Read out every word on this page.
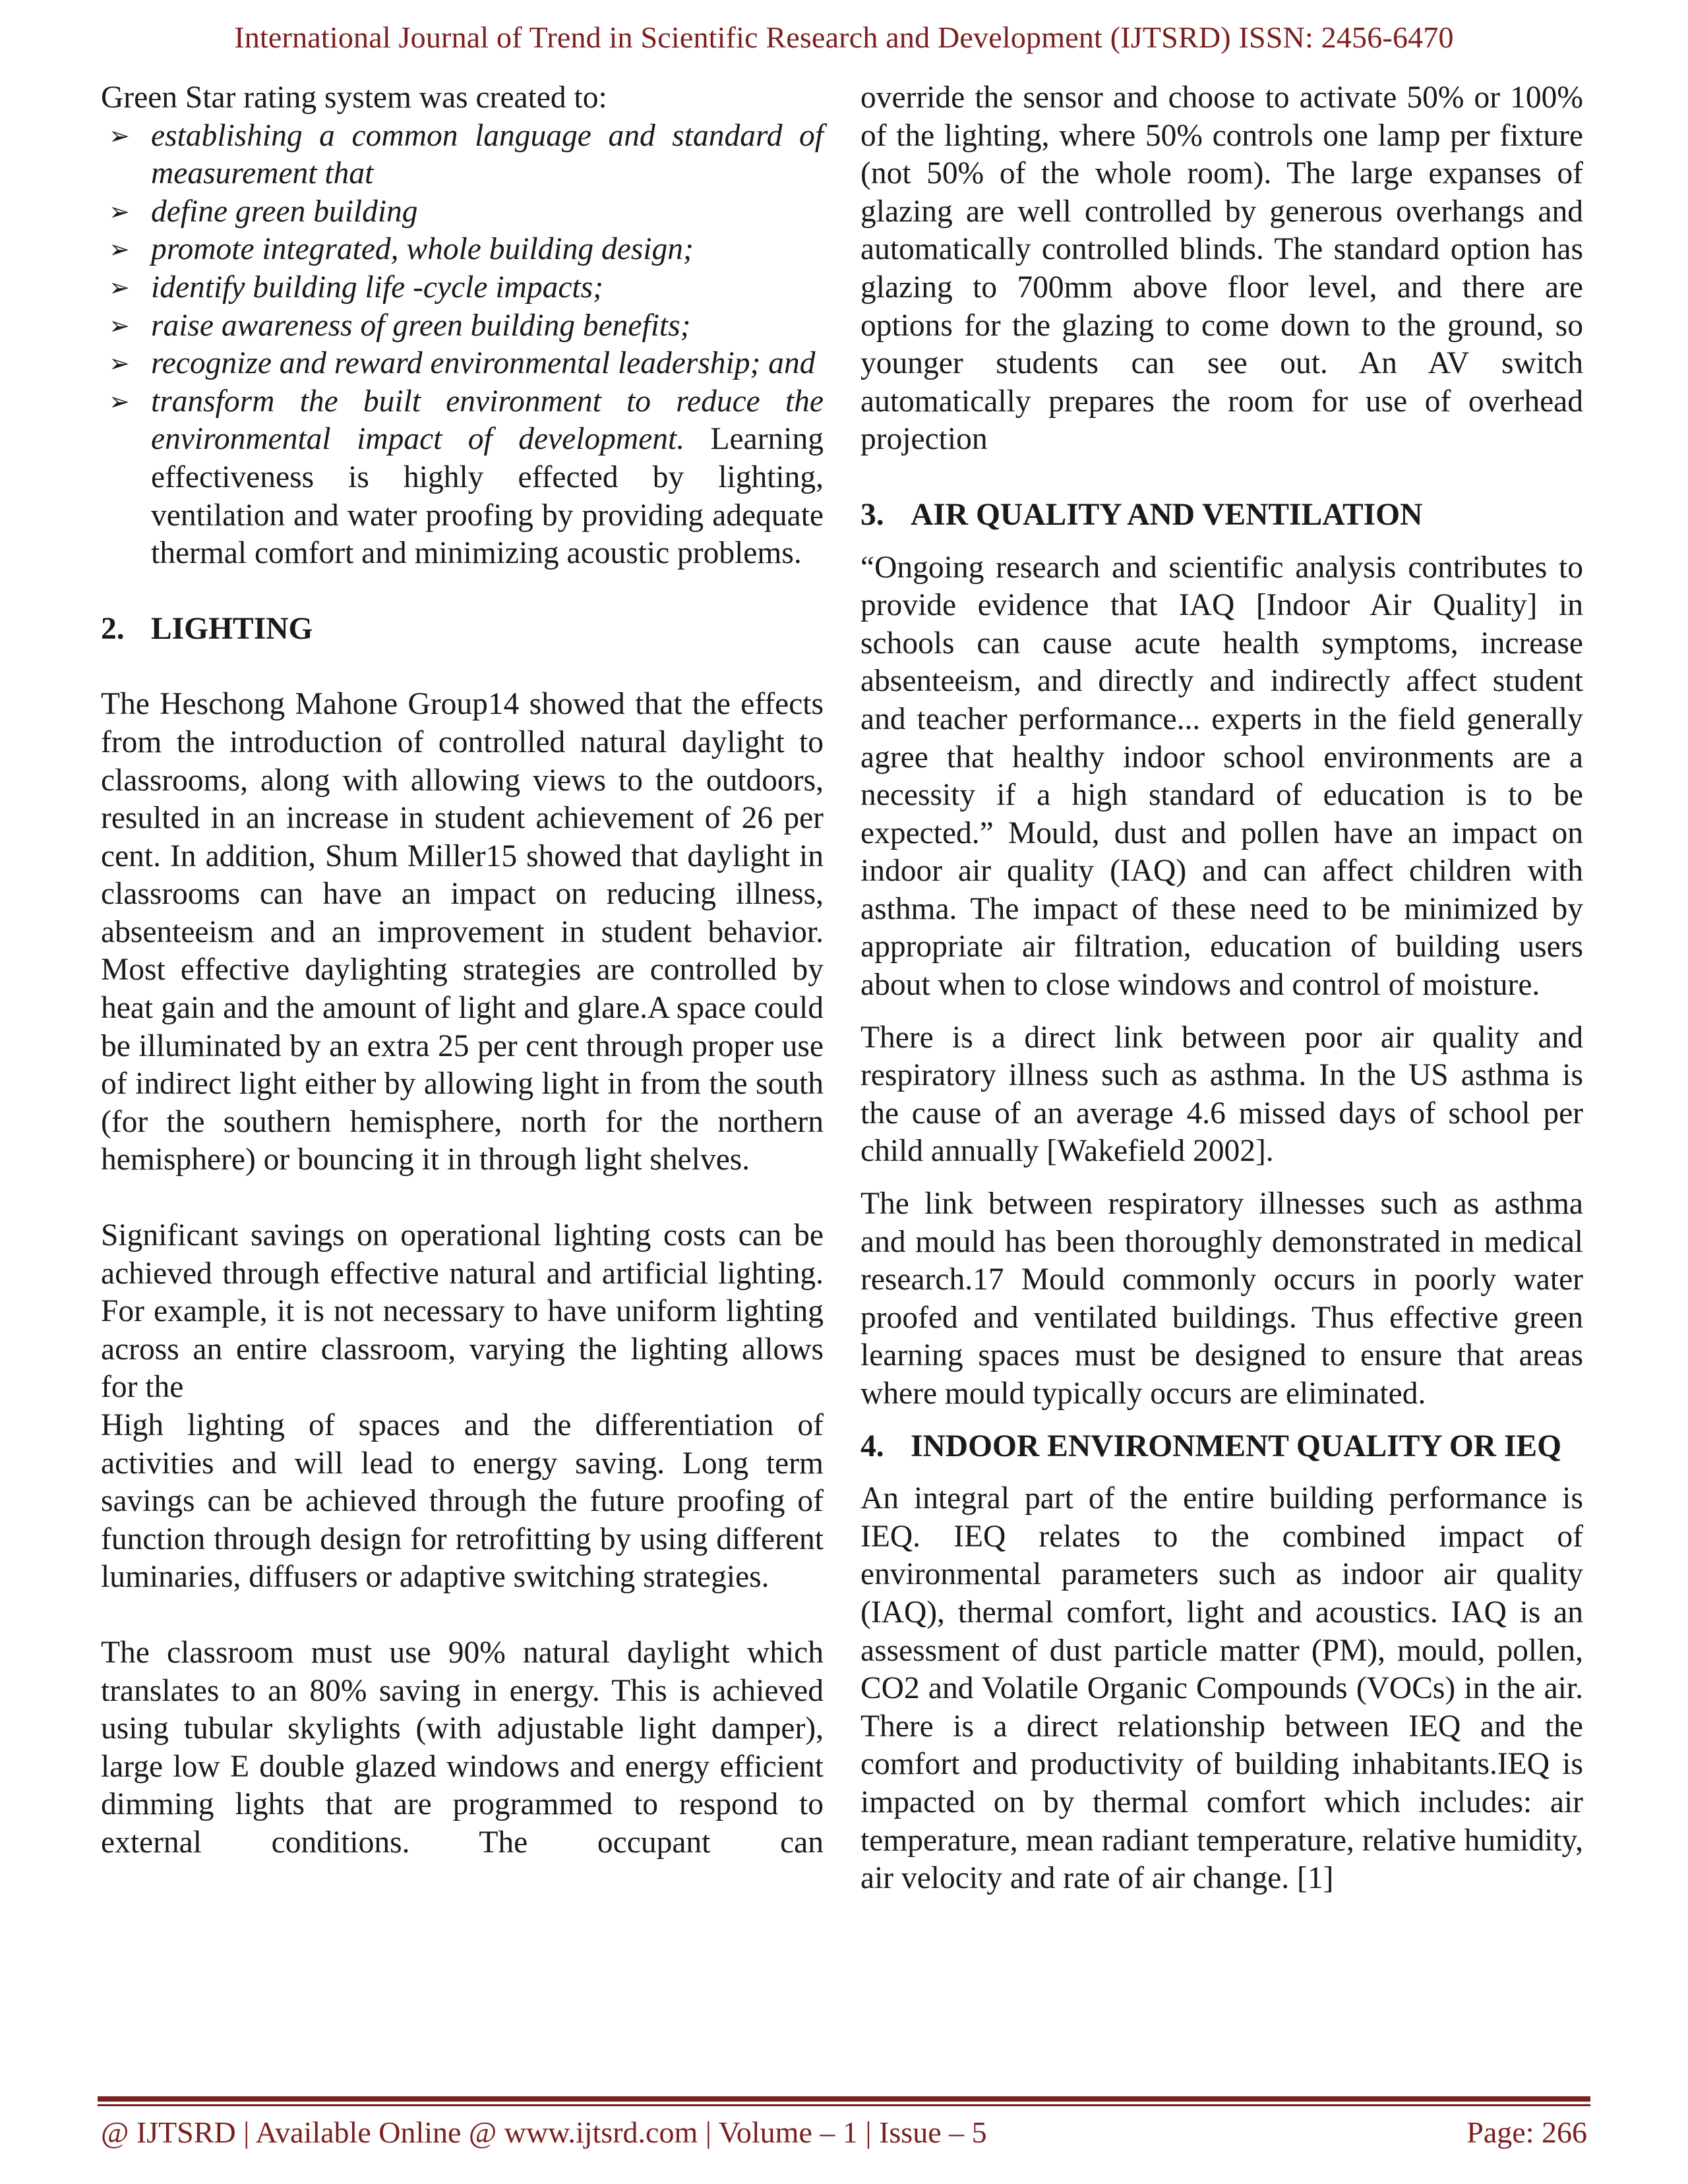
International Journal of Trend in Scientific Research and Development (IJTSRD) ISSN: 2456-6470

Green Star rating system was created to:

➢ establishing a common language and standard of measurement that
➢ define green building
➢ promote integrated, whole building design;
➢ identify building life -cycle impacts;
➢ raise awareness of green building benefits;
➢ recognize and reward environmental leadership; and
➢ transform the built environment to reduce the environmental impact of development. Learning effectiveness is highly effected by lighting, ventilation and water proofing by providing adequate thermal comfort and minimizing acoustic problems.

2. LIGHTING

The Heschong Mahone Group14 showed that the effects from the introduction of controlled natural daylight to classrooms, along with allowing views to the outdoors, resulted in an increase in student achievement of 26 per cent. In addition, Shum Miller15 showed that daylight in classrooms can have an impact on reducing illness, absenteeism and an improvement in student behavior. Most effective daylighting strategies are controlled by heat gain and the amount of light and glare.A space could be illuminated by an extra 25 per cent through proper use of indirect light either by allowing light in from the south (for the southern hemisphere, north for the northern hemisphere) or bouncing it in through light shelves.

Significant savings on operational lighting costs can be achieved through effective natural and artificial lighting. For example, it is not necessary to have uniform lighting across an entire classroom, varying the lighting allows for the

High lighting of spaces and the differentiation of activities and will lead to energy saving. Long term savings can be achieved through the future proofing of function through design for retrofitting by using different luminaries, diffusers or adaptive switching strategies.

The classroom must use 90% natural daylight which translates to an 80% saving in energy. This is achieved using tubular skylights (with adjustable light damper), large low E double glazed windows and energy efficient dimming lights that are programmed to respond to external conditions. The occupant can

override the sensor and choose to activate 50% or 100% of the lighting, where 50% controls one lamp per fixture (not 50% of the whole room). The large expanses of glazing are well controlled by generous overhangs and automatically controlled blinds. The standard option has glazing to 700mm above floor level, and there are options for the glazing to come down to the ground, so younger students can see out. An AV switch automatically prepares the room for use of overhead projection

3. AIR QUALITY AND VENTILATION

“Ongoing research and scientific analysis contributes to provide evidence that IAQ [Indoor Air Quality] in schools can cause acute health symptoms, increase absenteeism, and directly and indirectly affect student and teacher performance... experts in the field generally agree that healthy indoor school environments are a necessity if a high standard of education is to be expected.” Mould, dust and pollen have an impact on indoor air quality (IAQ) and can affect children with asthma. The impact of these need to be minimized by appropriate air filtration, education of building users about when to close windows and control of moisture.

There is a direct link between poor air quality and respiratory illness such as asthma. In the US asthma is the cause of an average 4.6 missed days of school per child annually [Wakefield 2002].

The link between respiratory illnesses such as asthma and mould has been thoroughly demonstrated in medical research.17 Mould commonly occurs in poorly water proofed and ventilated buildings. Thus effective green learning spaces must be designed to ensure that areas where mould typically occurs are eliminated.

4. INDOOR ENVIRONMENT QUALITY OR IEQ

An integral part of the entire building performance is IEQ. IEQ relates to the combined impact of environmental parameters such as indoor air quality (IAQ), thermal comfort, light and acoustics. IAQ is an assessment of dust particle matter (PM), mould, pollen, CO2 and Volatile Organic Compounds (VOCs) in the air. There is a direct relationship between IEQ and the comfort and productivity of building inhabitants.IEQ is impacted on by thermal comfort which includes: air temperature, mean radiant temperature, relative humidity, air velocity and rate of air change. [1]

@ IJTSRD | Available Online @ www.ijtsrd.com | Volume – 1 | Issue – 5	Page: 266
